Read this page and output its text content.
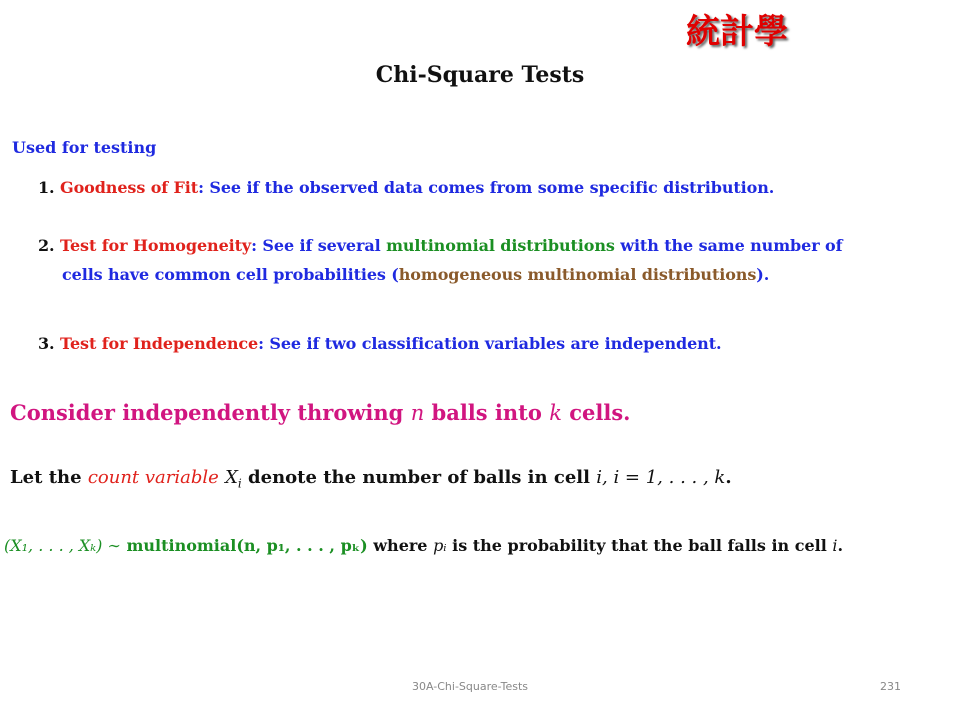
統計學
Chi-Square Tests
Used for testing
1. Goodness of Fit: See if the observed data comes from some specific distribution.
2. Test for Homogeneity: See if several multinomial distributions with the same number of
cells have common cell probabilities (homogeneous multinomial distributions).
3. Test for Independence: See if two classification variables are independent.
Consider independently throwing n balls into k cells.
Let the count variable $X_i$ denote the number of balls in cell i, i = 1, . . . , k.
(X₁, . . . , Xₖ) ∼ multinomial(n, p₁, . . . , pₖ) where pᵢ is the probability that the ball falls in cell i.
30A-Chi-Square-Tests	231
